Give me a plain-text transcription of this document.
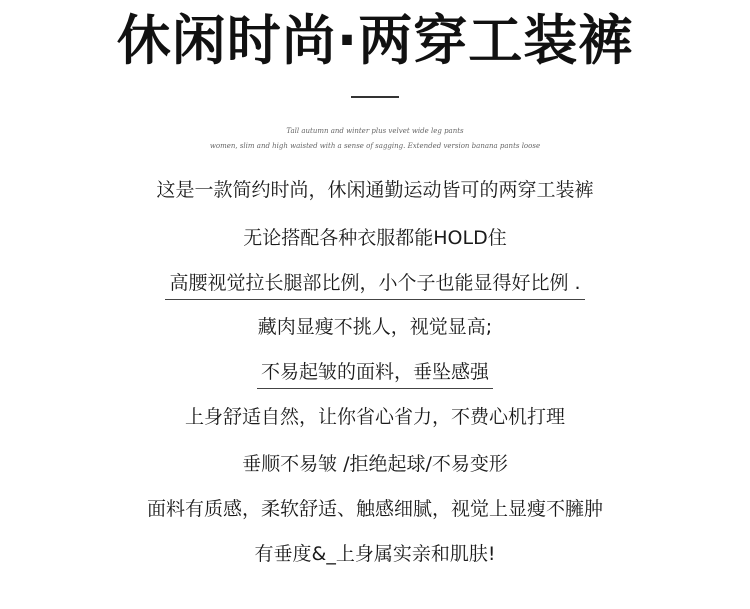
休闲时尚·两穿工装裤
Tall autumn and winter plus velvet wide leg pants
women, slim and high waisted with a sense of sagging. Extended version banana pants loose
这是一款简约时尚，休闲通勤运动皆可的两穿工装裤
无论搭配各种衣服都能HOLD住
高腰视觉拉长腿部比例，小个子也能显得好比例 .
藏肉显瘦不挑人，视觉显高;
不易起皱的面料，垂坠感强
上身舒适自然，让你省心省力，不费心机打理
垂顺不易皱 /拒绝起球/不易变形
面料有质感，柔软舒适、触感细腻，视觉上显瘦不臃肿
有垂度&_上身属实亲和肌肤!
